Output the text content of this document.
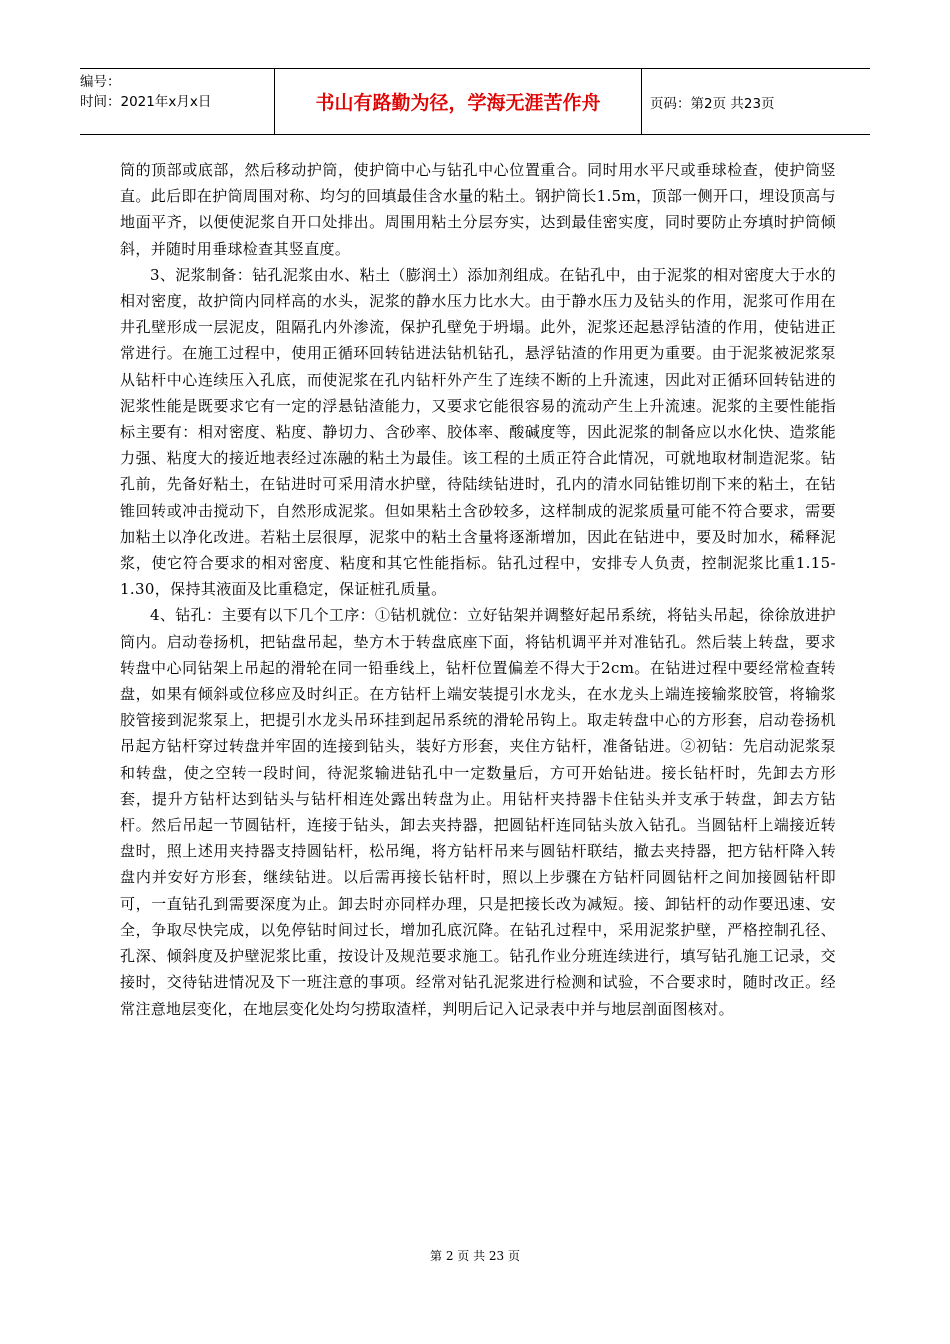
编号：
时间：2021年x月x日	书山有路勤为径，学海无涯苦作舟	页码：第2页 共23页

筒的顶部或底部，然后移动护筒，使护筒中心与钻孔中心位置重合。同时用水平尺或垂球检查，使护筒竖直。此后即在护筒周围对称、均匀的回填最佳含水量的粘土。钢护筒长1.5m，顶部一侧开口，埋设顶高与地面平齐，以便使泥浆自开口处排出。周围用粘土分层夯实，达到最佳密实度，同时要防止夯填时护筒倾斜，并随时用垂球检查其竖直度。

3、泥浆制备：钻孔泥浆由水、粘土（膨润土）添加剂组成。在钻孔中，由于泥浆的相对密度大于水的相对密度，故护筒内同样高的水头，泥浆的静水压力比水大。由于静水压力及钻头的作用，泥浆可作用在井孔壁形成一层泥皮，阻隔孔内外渗流，保护孔壁免于坍塌。此外，泥浆还起悬浮钻渣的作用，使钻进正常进行。在施工过程中，使用正循环回转钻进法钻机钻孔，悬浮钻渣的作用更为重要。由于泥浆被泥浆泵从钻杆中心连续压入孔底，而使泥浆在孔内钻杆外产生了连续不断的上升流速，因此对正循环回转钻进的泥浆性能是既要求它有一定的浮悬钻渣能力，又要求它能很容易的流动产生上升流速。泥浆的主要性能指标主要有：相对密度、粘度、静切力、含砂率、胶体率、酸碱度等，因此泥浆的制备应以水化快、造浆能力强、粘度大的接近地表经过冻融的粘土为最佳。该工程的土质正符合此情况，可就地取材制造泥浆。钻孔前，先备好粘土，在钻进时可采用清水护壁，待陆续钻进时，孔内的清水同钻锥切削下来的粘土，在钻锥回转或冲击搅动下，自然形成泥浆。但如果粘土含砂较多，这样制成的泥浆质量可能不符合要求，需要加粘土以净化改进。若粘土层很厚，泥浆中的粘土含量将逐渐增加，因此在钻进中，要及时加水，稀释泥浆，使它符合要求的相对密度、粘度和其它性能指标。钻孔过程中，安排专人负责，控制泥浆比重1.15-1.30，保持其液面及比重稳定，保证桩孔质量。

4、钻孔：主要有以下几个工序：①钻机就位：立好钻架并调整好起吊系统，将钻头吊起，徐徐放进护筒内。启动卷扬机，把钻盘吊起，垫方木于转盘底座下面，将钻机调平并对准钻孔。然后装上转盘，要求转盘中心同钻架上吊起的滑轮在同一铅垂线上，钻杆位置偏差不得大于2cm。在钻进过程中要经常检查转盘，如果有倾斜或位移应及时纠正。在方钻杆上端安装提引水龙头，在水龙头上端连接输浆胶管，将输浆胶管接到泥浆泵上，把提引水龙头吊环挂到起吊系统的滑轮吊钩上。取走转盘中心的方形套，启动卷扬机吊起方钻杆穿过转盘并牢固的连接到钻头，装好方形套，夹住方钻杆，准备钻进。②初钻：先启动泥浆泵和转盘，使之空转一段时间，待泥浆输进钻孔中一定数量后，方可开始钻进。接长钻杆时，先卸去方形套，提升方钻杆达到钻头与钻杆相连处露出转盘为止。用钻杆夹持器卡住钻头并支承于转盘，卸去方钻杆。然后吊起一节圆钻杆，连接于钻头，卸去夹持器，把圆钻杆连同钻头放入钻孔。当圆钻杆上端接近转盘时，照上述用夹持器支持圆钻杆，松吊绳，将方钻杆吊来与圆钻杆联结，撤去夹持器，把方钻杆降入转盘内并安好方形套，继续钻进。以后需再接长钻杆时，照以上步骤在方钻杆同圆钻杆之间加接圆钻杆即可，一直钻孔到需要深度为止。卸去时亦同样办理，只是把接长改为减短。接、卸钻杆的动作要迅速、安全，争取尽快完成，以免停钻时间过长，增加孔底沉降。在钻孔过程中，采用泥浆护壁，严格控制孔径、孔深、倾斜度及护壁泥浆比重，按设计及规范要求施工。钻孔作业分班连续进行，填写钻孔施工记录，交接时，交待钻进情况及下一班注意的事项。经常对钻孔泥浆进行检测和试验，不合要求时，随时改正。经常注意地层变化，在地层变化处均匀捞取渣样，判明后记入记录表中并与地层剖面图核对。

第 2 页 共 23 页
